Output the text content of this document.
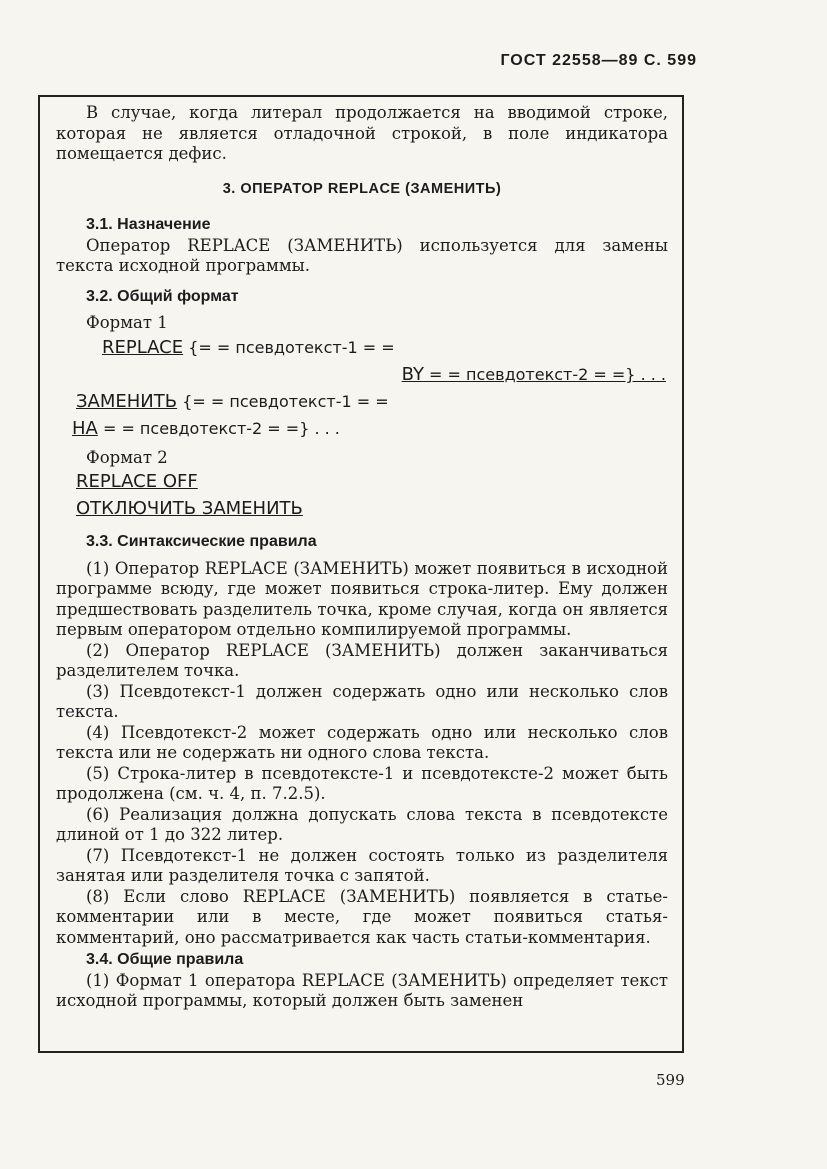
ГОСТ 22558—89 С. 599

В случае, когда литерал продолжается на вводимой строке, которая не является отладочной строкой, в поле индикатора помещается дефис.

3. ОПЕРАТОР REPLACE (ЗАМЕНИТЬ)

3.1. Назначение

Оператор REPLACE (ЗАМЕНИТЬ) используется для замены текста исходной программы.

3.2. Общий формат

Формат 1

REPLACE {= = псевдотекст-1 = =

BY = = псевдотекст-2 = =} . . .

ЗАМЕНИТЬ {= = псевдотекст-1 = =

НА = = псевдотекст-2 = =} . . .

Формат 2

REPLACE OFF

ОТКЛЮЧИТЬ ЗАМЕНИТЬ

3.3. Синтаксические правила

(1) Оператор REPLACE (ЗАМЕНИТЬ) может появиться в исходной программе всюду, где может появиться строка-литер. Ему должен предшествовать разделитель точка, кроме случая, когда он является первым оператором отдельно компилируемой программы.

(2) Оператор REPLACE (ЗАМЕНИТЬ) должен заканчиваться разделителем точка.

(3) Псевдотекст-1 должен содержать одно или несколько слов текста.

(4) Псевдотекст-2 может содержать одно или несколько слов текста или не содержать ни одного слова текста.

(5) Строка-литер в псевдотексте-1 и псевдотексте-2 может быть продолжена (см. ч. 4, п. 7.2.5).

(6) Реализация должна допускать слова текста в псевдотексте длиной от 1 до 322 литер.

(7) Псевдотекст-1 не должен состоять только из разделителя занятая или разделителя точка с запятой.

(8) Если слово REPLACE (ЗАМЕНИТЬ) появляется в статье-комментарии или в месте, где может появиться статья-комментарий, оно рассматривается как часть статьи-комментария.

3.4. Общие правила

(1) Формат 1 оператора REPLACE (ЗАМЕНИТЬ) определяет текст исходной программы, который должен быть заменен

599
